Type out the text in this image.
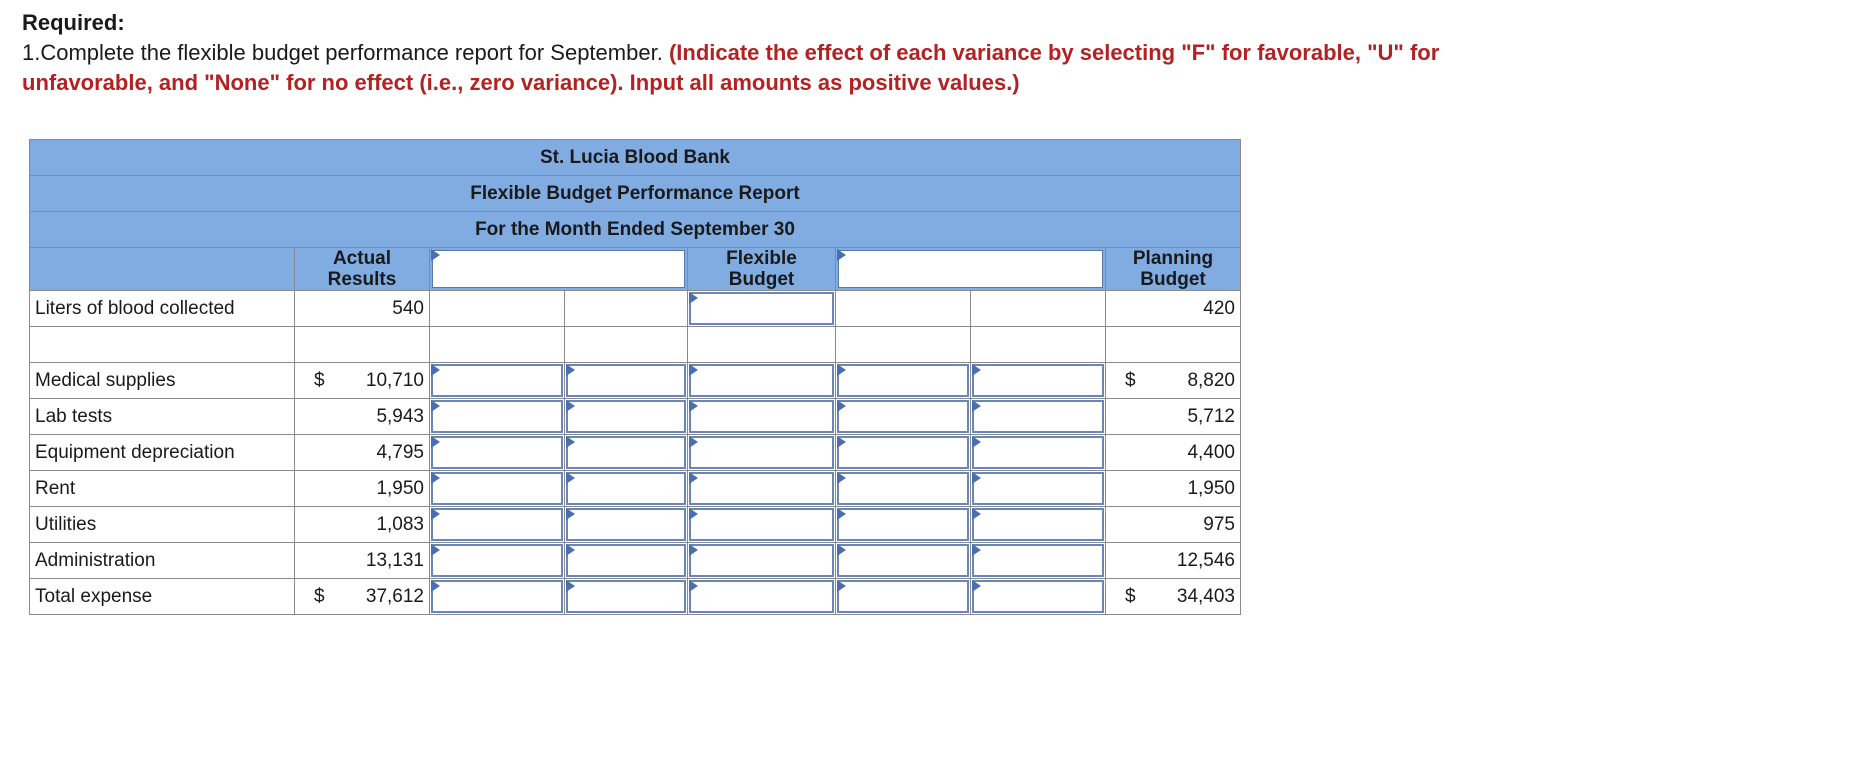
Required:
1.Complete the flexible budget performance report for September. (Indicate the effect of each variance by selecting "F" for favorable, "U" for unfavorable, and "None" for no effect (i.e., zero variance). Input all amounts as positive values.)
St. Lucia Blood Bank							
Flexible Budget Performance Report							
For the Month Ended September 30							
	Actual Results			Flexible Budget			Planning Budget
Liters of blood collected	540						420

Medical supplies	$ 10,710						$ 8,820

Lab tests	5,943						5,712

Equipment depreciation	4,795						4,400

Rent	1,950						1,950

Utilities	1,083						975

Administration	13,131						12,546

Total expense	$ 37,612						$ 34,403
